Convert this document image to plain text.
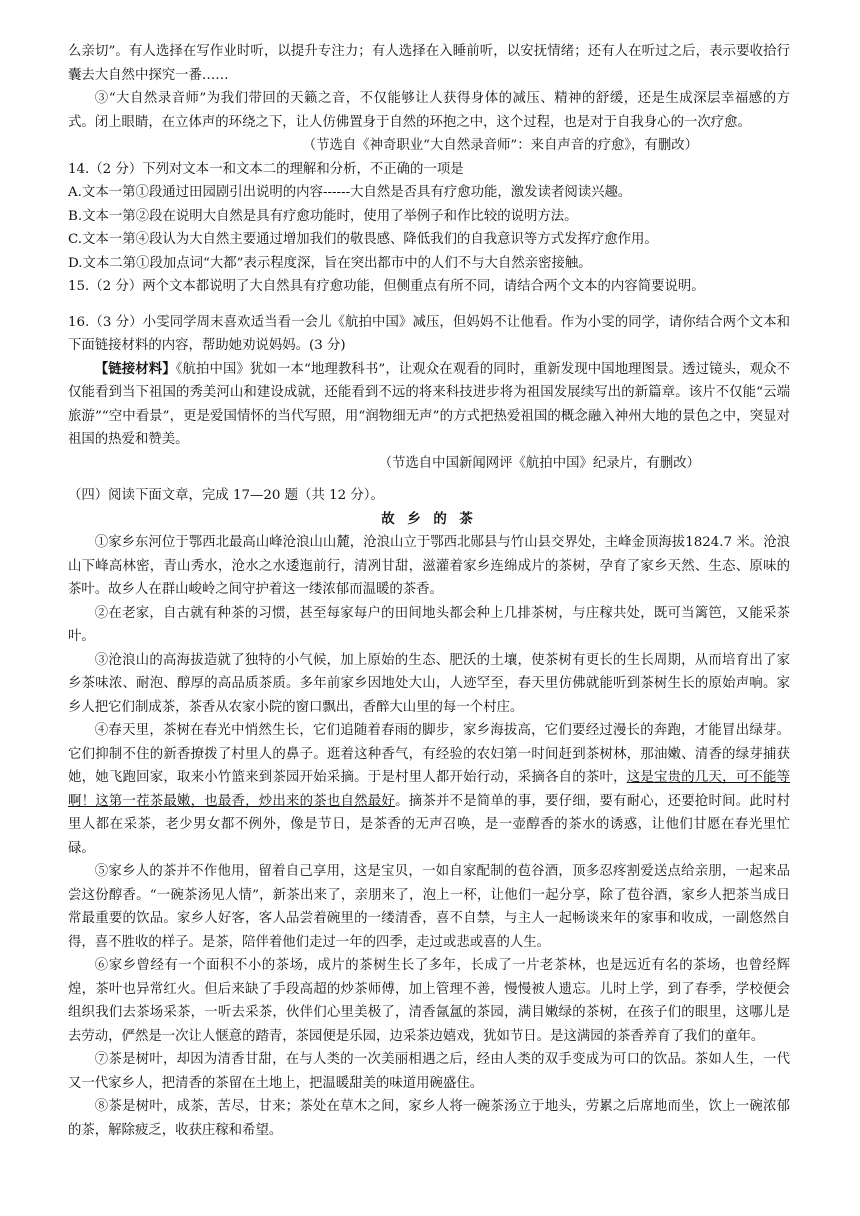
么亲切”。有人选择在写作业时听，以提升专注力；有人选择在入睡前听，以安抚情绪；还有人在听过之后，表示要收拾行囊去大自然中探究一番……

③“大自然录音师”为我们带回的天籁之音，不仅能够让人获得身体的减压、精神的舒缓，还是生成深层幸福感的方式。闭上眼睛，在立体声的环绕之下，让人仿佛置身于自然的环抱之中，这个过程，也是对于自我身心的一次疗愈。

（节选自《神奇职业“大自然录音师”：来自声音的疗愈》，有删改）

14.（2 分）下列对文本一和文本二的理解和分析，不正确的一项是

A.文本一第①段通过田园剧引出说明的内容------大自然是否具有疗愈功能，激发读者阅读兴趣。

B.文本一第②段在说明大自然是具有疗愈功能时，使用了举例子和作比较的说明方法。

C.文本一第④段认为大自然主要通过增加我们的敬畏感、降低我们的自我意识等方式发挥疗愈作用。

D.文本二第①段加点词“大都”表示程度深，旨在突出都市中的人们不与大自然亲密接触。

15.（2 分）两个文本都说明了大自然具有疗愈功能，但侧重点有所不同，请结合两个文本的内容简要说明。

16.（3 分）小雯同学周末喜欢适当看一会儿《航拍中国》减压，但妈妈不让他看。作为小雯的同学，请你结合两个文本和下面链接材料的内容，帮助她劝说妈妈。(3 分)

【链接材料】《航拍中国》犹如一本“地理教科书”，让观众在观看的同时，重新发现中国地理图景。透过镜头，观众不仅能看到当下祖国的秀美河山和建设成就，还能看到不远的将来科技进步将为祖国发展续写出的新篇章。该片不仅能“云端旅游”“空中看景”，更是爱国情怀的当代写照，用“润物细无声”的方式把热爱祖国的概念融入神州大地的景色之中，突显对祖国的热爱和赞美。

（节选自中国新闻网评《航拍中国》纪录片，有删改）

（四）阅读下面文章，完成 17—20 题（共 12 分）。

故 乡 的 茶

①家乡东河位于鄂西北最高山峰沧浪山山麓，沧浪山立于鄂西北郧县与竹山县交界处，主峰金顶海拔1824.7 米。沧浪山下峰高林密，青山秀水，沧水之水逶迤前行，清冽甘甜，滋灌着家乡连绵成片的茶树，孕育了家乡天然、生态、原味的茶叶。故乡人在群山峻岭之间守护着这一缕浓郁而温暖的茶香。

②在老家，自古就有种茶的习惯，甚至每家每户的田间地头都会种上几排茶树，与庄稼共处，既可当篱笆，又能采茶叶。

③沧浪山的高海拔造就了独特的小气候，加上原始的生态、肥沃的土壤，使茶树有更长的生长周期，从而培育出了家乡茶味浓、耐泡、醇厚的高品质茶质。多年前家乡因地处大山，人迹罕至，春天里仿佛就能听到茶树生长的原始声响。家乡人把它们制成茶，茶香从农家小院的窗口飘出，香醉大山里的每一个村庄。

④春天里，茶树在春光中悄然生长，它们追随着春雨的脚步，家乡海拔高，它们要经过漫长的奔跑，才能冒出绿芽。它们抑制不住的新香撩拨了村里人的鼻子。逛着这种香气，有经验的农妇第一时间赶到茶树林，那油嫩、清香的绿芽捕获她，她飞跑回家，取来小竹篮来到茶园开始采摘。于是村里人都开始行动，采摘各自的茶叶，这是宝贵的几天，可不能等啊！这第一茬茶最嫩，也最香，炒出来的茶也自然最好。摘茶并不是简单的事，要仔细，要有耐心，还要抢时间。此时村里人都在采茶，老少男女都不例外，像是节日，是茶香的无声召唤，是一壶醇香的茶水的诱惑，让他们甘愿在春光里忙碌。

⑤家乡人的茶并不作他用，留着自己享用，这是宝贝，一如自家配制的苞谷酒，顶多忍疼割爱送点给亲朋，一起来品尝这份醇香。“一碗茶汤见人情”，新茶出来了，亲朋来了，泡上一杯，让他们一起分享，除了苞谷酒，家乡人把茶当成日常最重要的饮品。家乡人好客，客人品尝着碗里的一缕清香，喜不自禁，与主人一起畅谈来年的家事和收成，一副悠然自得，喜不胜收的样子。是茶，陪伴着他们走过一年的四季，走过或悲或喜的人生。

⑥家乡曾经有一个面积不小的茶场，成片的茶树生长了多年，长成了一片老茶林，也是远近有名的茶场，也曾经辉煌，茶叶也异常红火。但后来缺了手段高超的炒茶师傅，加上管理不善，慢慢被人遗忘。儿时上学，到了春季，学校便会组织我们去茶场采茶，一听去采茶，伙伴们心里美极了，清香氤氲的茶园，满目嫩绿的茶树，在孩子们的眼里，这哪儿是去劳动，俨然是一次让人惬意的踏青，茶园便是乐园，边采茶边嬉戏，犹如节日。是这满园的茶香养育了我们的童年。

⑦茶是树叶，却因为清香甘甜，在与人类的一次美丽相遇之后，经由人类的双手变成为可口的饮品。茶如人生，一代又一代家乡人，把清香的茶留在土地上，把温暖甜美的味道用碗盛住。

⑧茶是树叶，成茶，苦尽，甘来；茶处在草木之间，家乡人将一碗茶汤立于地头，劳累之后席地而坐，饮上一碗浓郁的茶，解除疲乏，收获庄稼和希望。
